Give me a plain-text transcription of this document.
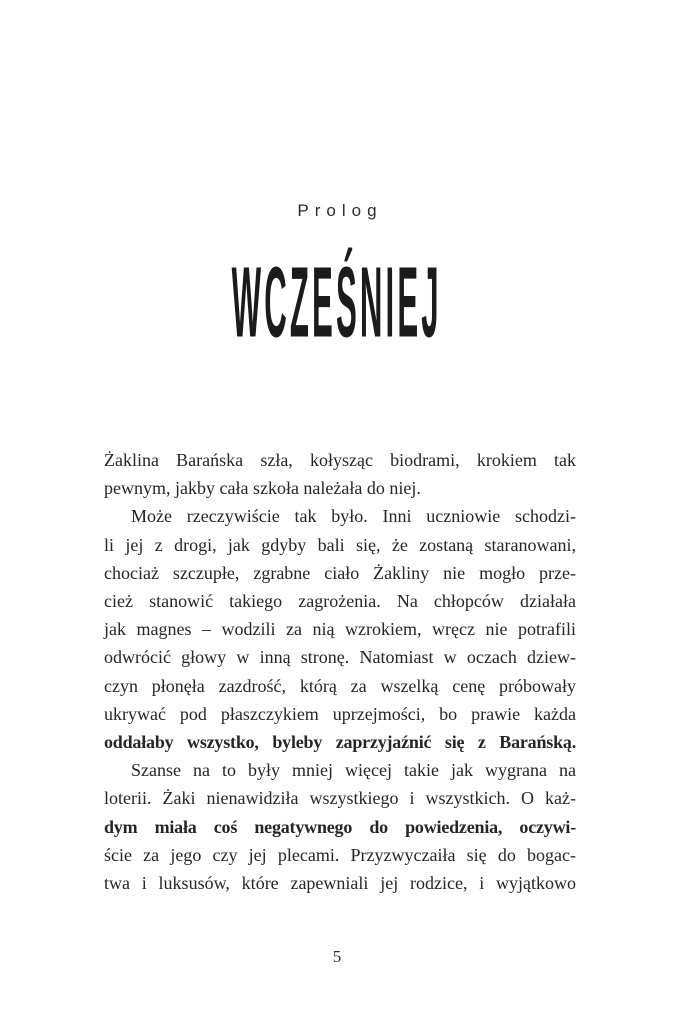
Prolog
WCZEŚNIEJ
Żaklina Barańska szła, kołysząc biodrami, krokiem tak
pewnym, jakby cała szkoła należała do niej.
Może rzeczywiście tak było. Inni uczniowie schodzi-
li jej z drogi, jak gdyby bali się, że zostaną staranowani,
chociaż szczupłe, zgrabne ciało Żakliny nie mogło prze-
cież stanowić takiego zagrożenia. Na chłopców działała
jak magnes – wodzili za nią wzrokiem, wręcz nie potrafili
odwrócić głowy w inną stronę. Natomiast w oczach dziew-
czyn płonęła zazdrość, którą za wszelką cenę próbowały
ukrywać pod płaszczykiem uprzejmości, bo prawie każda
oddałaby wszystko, byleby zaprzyjaźnić się z Barańską.
Szanse na to były mniej więcej takie jak wygrana na
loterii. Żaki nienawidziła wszystkiego i wszystkich. O każ-
dym miała coś negatywnego do powiedzenia, oczywi-
ście za jego czy jej plecami. Przyzwyczaiła się do bogac-
twa i luksusów, które zapewniali jej rodzice, i wyjątkowo
5
